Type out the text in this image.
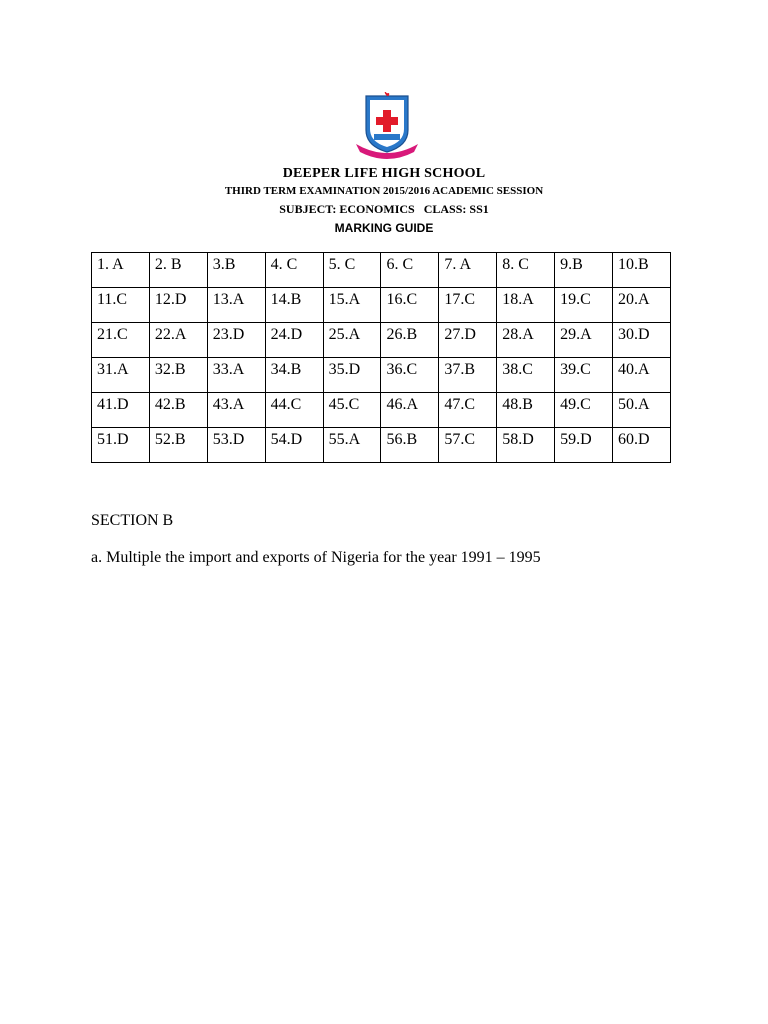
DEEPER LIFE HIGH SCHOOL
THIRD TERM EXAMINATION 2015/2016 ACADEMIC SESSION
SUBJECT: ECONOMICS   CLASS: SS1
MARKING GUIDE
1. A	2. B	3.B	4. C	5. C	6. C	7. A	8. C	9.B	10.B
11.C	12.D	13.A	14.B	15.A	16.C	17.C	18.A	19.C	20.A
21.C	22.A	23.D	24.D	25.A	26.B	27.D	28.A	29.A	30.D
31.A	32.B	33.A	34.B	35.D	36.C	37.B	38.C	39.C	40.A
41.D	42.B	43.A	44.C	45.C	46.A	47.C	48.B	49.C	50.A
51.D	52.B	53.D	54.D	55.A	56.B	57.C	58.D	59.D	60.D
SECTION B
a. Multiple the import and exports of Nigeria for the year 1991 – 1995
